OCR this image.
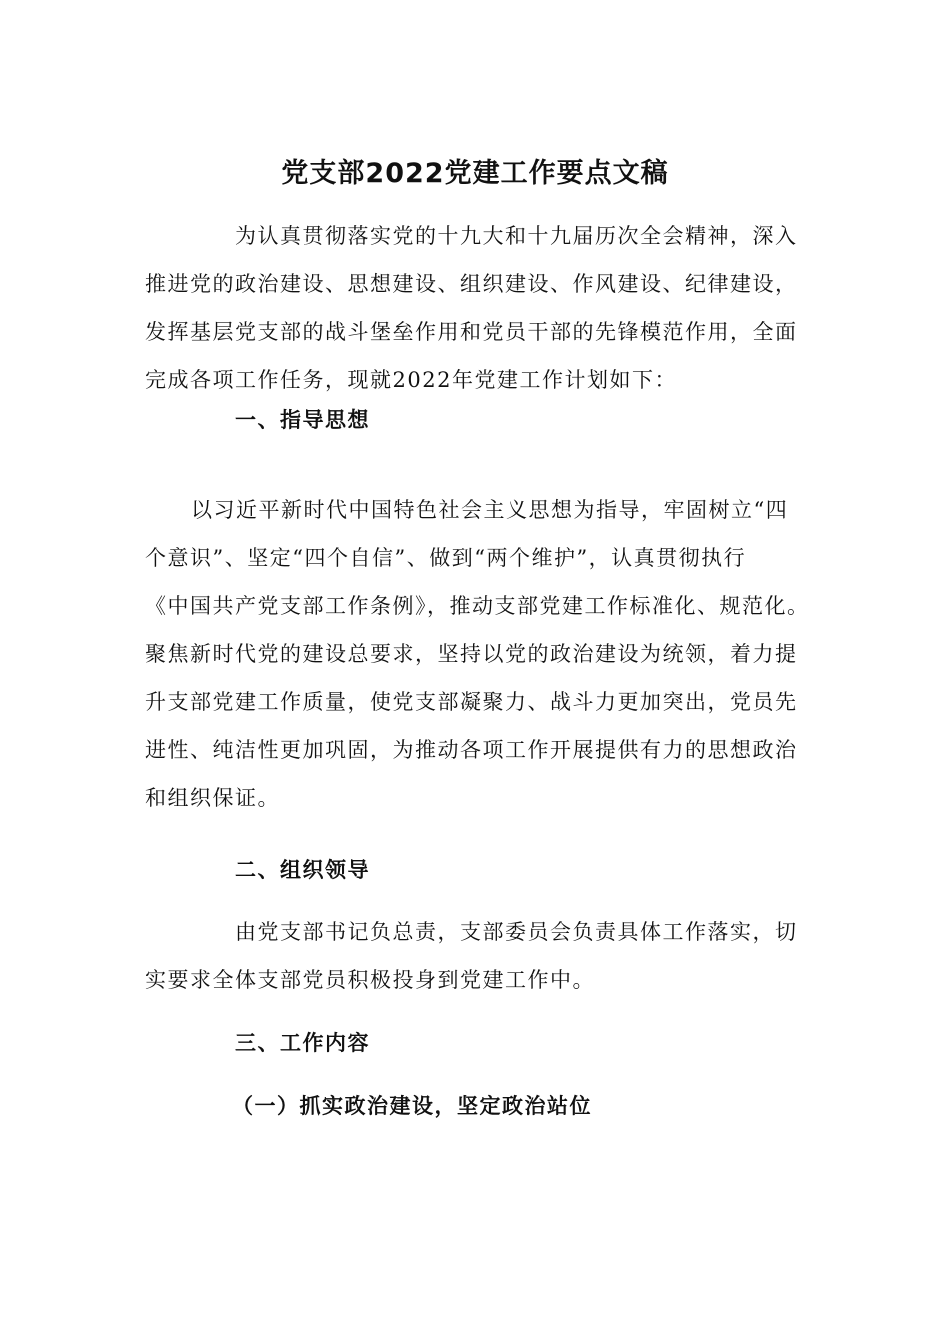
党支部2022党建工作要点文稿
为认真贯彻落实党的十九大和十九届历次全会精神，深入
推进党的政治建设、思想建设、组织建设、作风建设、纪律建设，
发挥基层党支部的战斗堡垒作用和党员干部的先锋模范作用，全面
完成各项工作任务，现就2022年党建工作计划如下：
一、指导思想
以习近平新时代中国特色社会主义思想为指导，牢固树立“四
个意识”、坚定“四个自信”、做到“两个维护”，认真贯彻执行
《中国共产党支部工作条例》，推动支部党建工作标准化、规范化。
聚焦新时代党的建设总要求，坚持以党的政治建设为统领，着力提
升支部党建工作质量，使党支部凝聚力、战斗力更加突出，党员先
进性、纯洁性更加巩固，为推动各项工作开展提供有力的思想政治
和组织保证。
二、组织领导
由党支部书记负总责，支部委员会负责具体工作落实，切
实要求全体支部党员积极投身到党建工作中。
三、工作内容
（一）抓实政治建设，坚定政治站位
